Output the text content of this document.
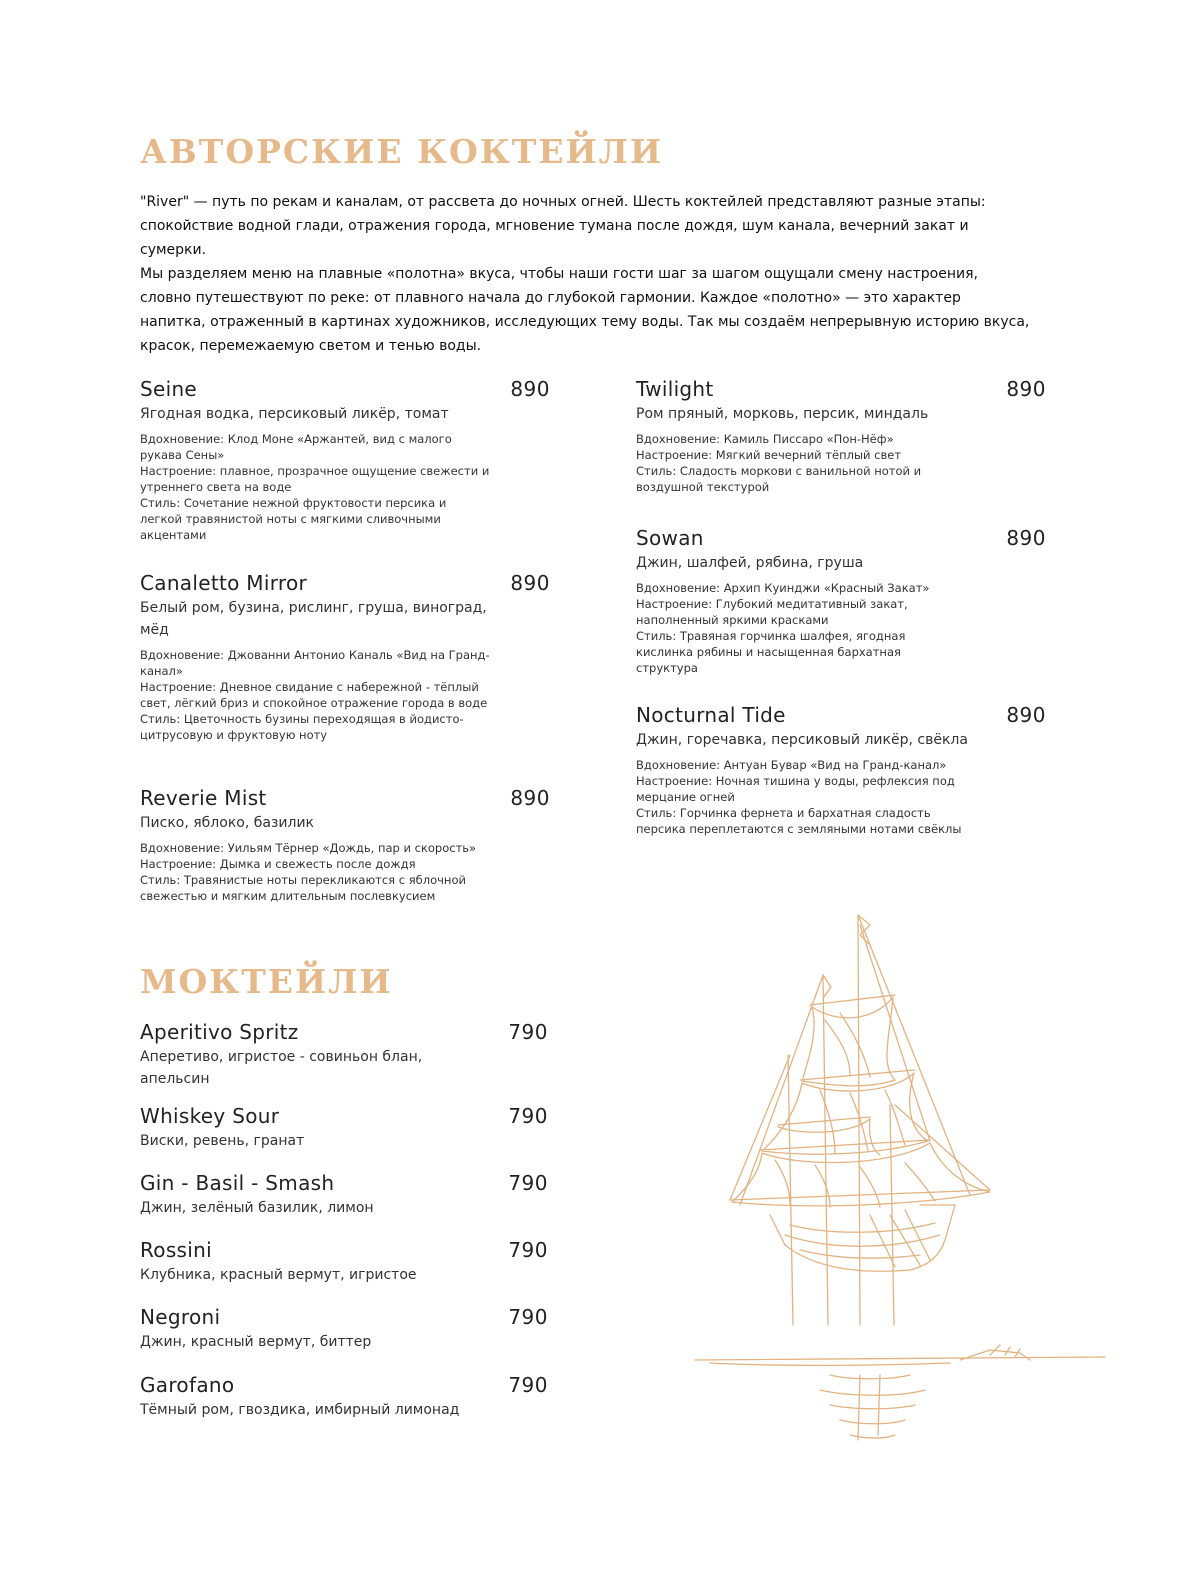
АВТОРСКИЕ КОКТЕЙЛИ

"River" — путь по рекам и каналам, от рассвета до ночных огней. Шесть коктейлей представляют разные этапы: спокойствие водной глади, отражения города, мгновение тумана после дождя, шум канала, вечерний закат и сумерки.

Мы разделяем меню на плавные «полотна» вкуса, чтобы наши гости шаг за шагом ощущали смену настроения, словно путешествуют по реке: от плавного начала до глубокой гармонии. Каждое «полотно» — это характер напитка, отраженный в картинах художников, исследующих тему воды. Так мы создаём непрерывную историю вкуса, красок, перемежаемую светом и тенью воды.

Seine	890
Ягодная водка, персиковый ликёр, томат
Вдохновение: Клод Моне «Аржантей, вид с малого рукава Сены»
Настроение: плавное, прозрачное ощущение свежести и утреннего света на воде
Стиль: Сочетание нежной фруктовости персика и легкой травянистой ноты с мягкими сливочными акцентами
Canaletto Mirror	890
Белый ром, бузина, рислинг, груша, виноград, мёд
Вдохновение: Джованни Антонио Каналь «Вид на Гранд-канал»
Настроение: Дневное свидание с набережной - тёплый свет, лёгкий бриз и спокойное отражение города в воде
Стиль: Цветочность бузины переходящая в йодисто-цитрусовую и фруктовую ноту
Reverie Mist	890
Писко, яблоко, базилик
Вдохновение: Уильям Тёрнер «Дождь, пар и скорость»
Настроение: Дымка и свежесть после дождя
Стиль: Травянистые ноты перекликаются с яблочной свежестью и мягким длительным послевкусием
Twilight	890
Ром пряный, морковь, персик, миндаль
Вдохновение: Камиль Писсаро «Пон-Нёф»
Настроение: Мягкий вечерний тёплый свет
Стиль: Сладость моркови с ванильной нотой и воздушной текстурой
Sowan	890
Джин, шалфей, рябина, груша
Вдохновение: Архип Куинджи «Красный Закат»
Настроение: Глубокий медитативный закат, наполненный яркими красками
Стиль: Травяная горчинка шалфея, ягодная кислинка рябины и насыщенная бархатная структура
Nocturnal Tide	890
Джин, горечавка, персиковый ликёр, свёкла
Вдохновение: Антуан Бувар «Вид на Гранд-канал»
Настроение: Ночная тишина у воды, рефлексия под мерцание огней
Стиль: Горчинка фернета и бархатная сладость персика переплетаются с земляными нотами свёклы
МОКТЕЙЛИ
Aperitivo Spritz	790
Аперетиво, игристое - совиньон блан, апельсин
Whiskey Sour	790
Виски, ревень, гранат
Gin - Basil - Smash	790
Джин, зелёный базилик, лимон
Rossini	790
Клубника, красный вермут, игристое
Negroni	790
Джин, красный вермут, биттер
Garofano	790
Тёмный ром, гвоздика, имбирный лимонад
